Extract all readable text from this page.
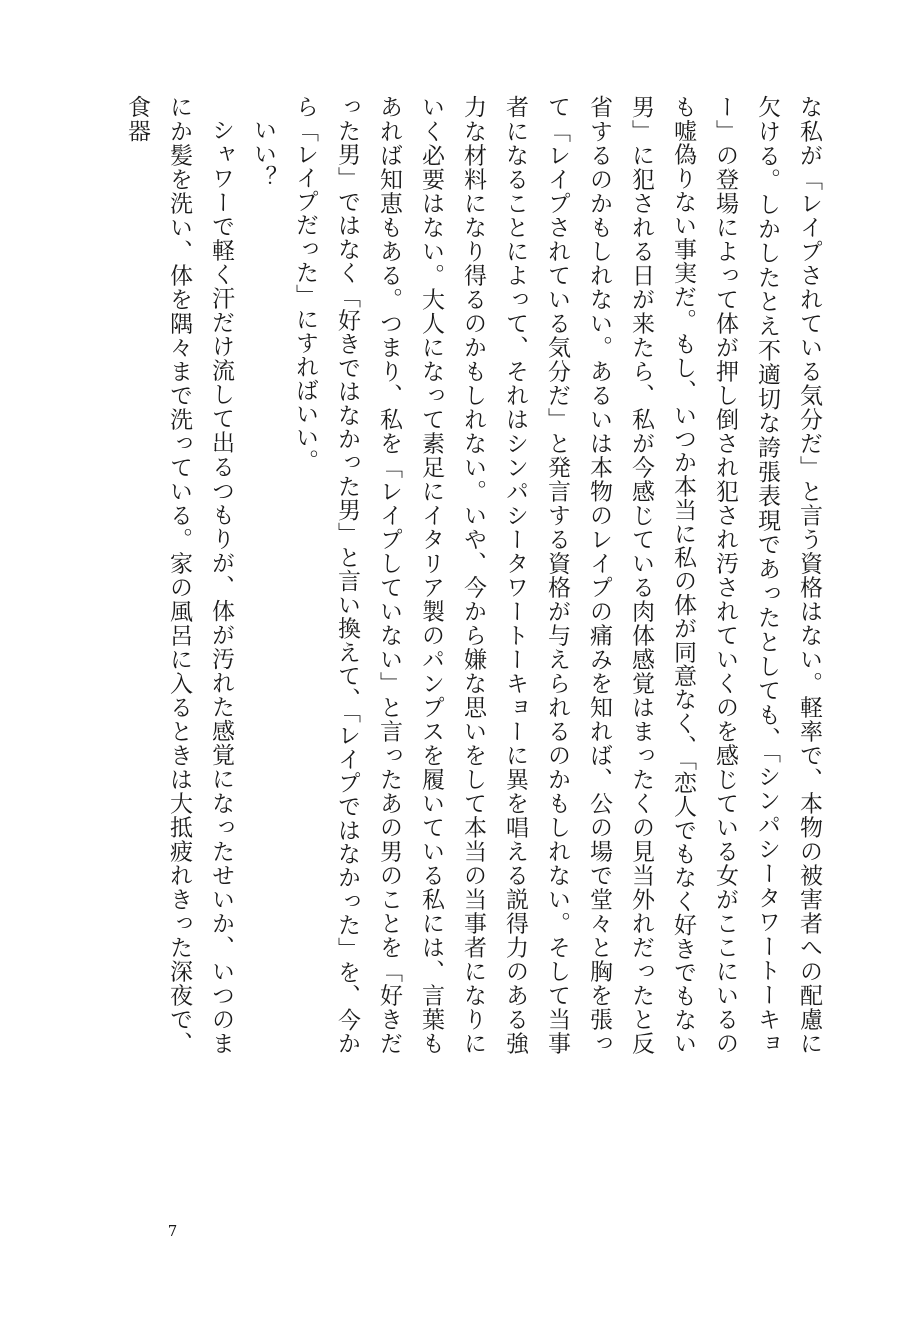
な私が「レイプされている気分だ」と言う資格はない。軽率で、本物の被害者への配慮に欠ける。しかしたとえ不適切な誇張表現であったとしても、「シンパシータワートーキョー」の登場によって体が押し倒され犯され汚されていくのを感じている女がここにいるのも嘘偽りない事実だ。もし、いつか本当に私の体が同意なく、「恋人でもなく好きでもない男」に犯される日が来たら、私が今感じている肉体感覚はまったくの見当外れだったと反省するのかもしれない。あるいは本物のレイプの痛みを知れば、公の場で堂々と胸を張って「レイプされている気分だ」と発言する資格が与えられるのかもしれない。そして当事者になることによって、それはシンパシータワートーキョーに異を唱える説得力のある強力な材料になり得るのかもしれない。いや、今から嫌な思いをして本当の当事者になりにいく必要はない。大人になって素足にイタリア製のパンプスを履いている私には、言葉もあれば知恵もある。つまり、私を「レイプしていない」と言ったあの男のことを「好きだった男」ではなく「好きではなかった男」と言い換えて、「レイプではなかった」を、今から「レイプだった」にすればいい。

いい？

シャワーで軽く汗だけ流して出るつもりが、体が汚れた感覚になったせいか、いつのまにか髪を洗い、体を隅々まで洗っている。家の風呂に入るときは大抵疲れきった深夜で、食器

7
